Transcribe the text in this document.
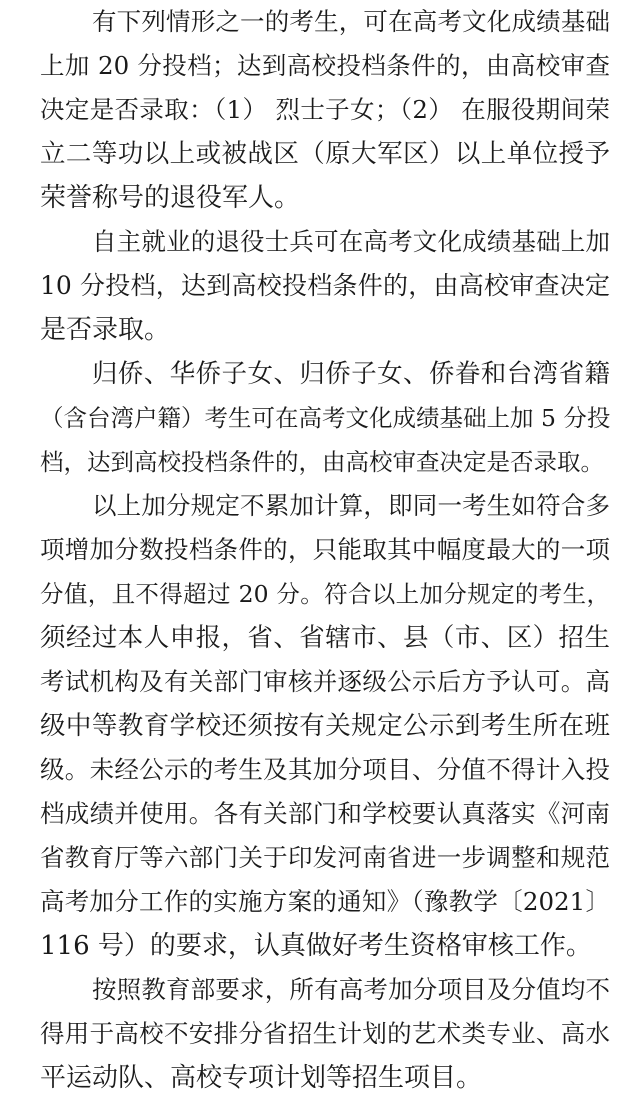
有下列情形之一的考生，可在高考文化成绩基础
上加 20 分投档；达到高校投档条件的，由高校审查
决定是否录取：（1） 烈士子女；（2） 在服役期间荣
立二等功以上或被战区（原大军区）以上单位授予
荣誉称号的退役军人。
自主就业的退役士兵可在高考文化成绩基础上加
10 分投档，达到高校投档条件的，由高校审查决定
是否录取。
归侨、华侨子女、归侨子女、侨眷和台湾省籍
（含台湾户籍）考生可在高考文化成绩基础上加 5 分投
档，达到高校投档条件的，由高校审查决定是否录取。
以上加分规定不累加计算，即同一考生如符合多
项增加分数投档条件的，只能取其中幅度最大的一项
分值，且不得超过 20 分。符合以上加分规定的考生，
须经过本人申报，省、省辖市、县（市、区）招生
考试机构及有关部门审核并逐级公示后方予认可。高
级中等教育学校还须按有关规定公示到考生所在班
级。未经公示的考生及其加分项目、分值不得计入投
档成绩并使用。各有关部门和学校要认真落实《河南
省教育厅等六部门关于印发河南省进一步调整和规范
高考加分工作的实施方案的通知》（豫教学〔2021〕
116 号）的要求，认真做好考生资格审核工作。
按照教育部要求，所有高考加分项目及分值均不
得用于高校不安排分省招生计划的艺术类专业、高水
平运动队、高校专项计划等招生项目。
